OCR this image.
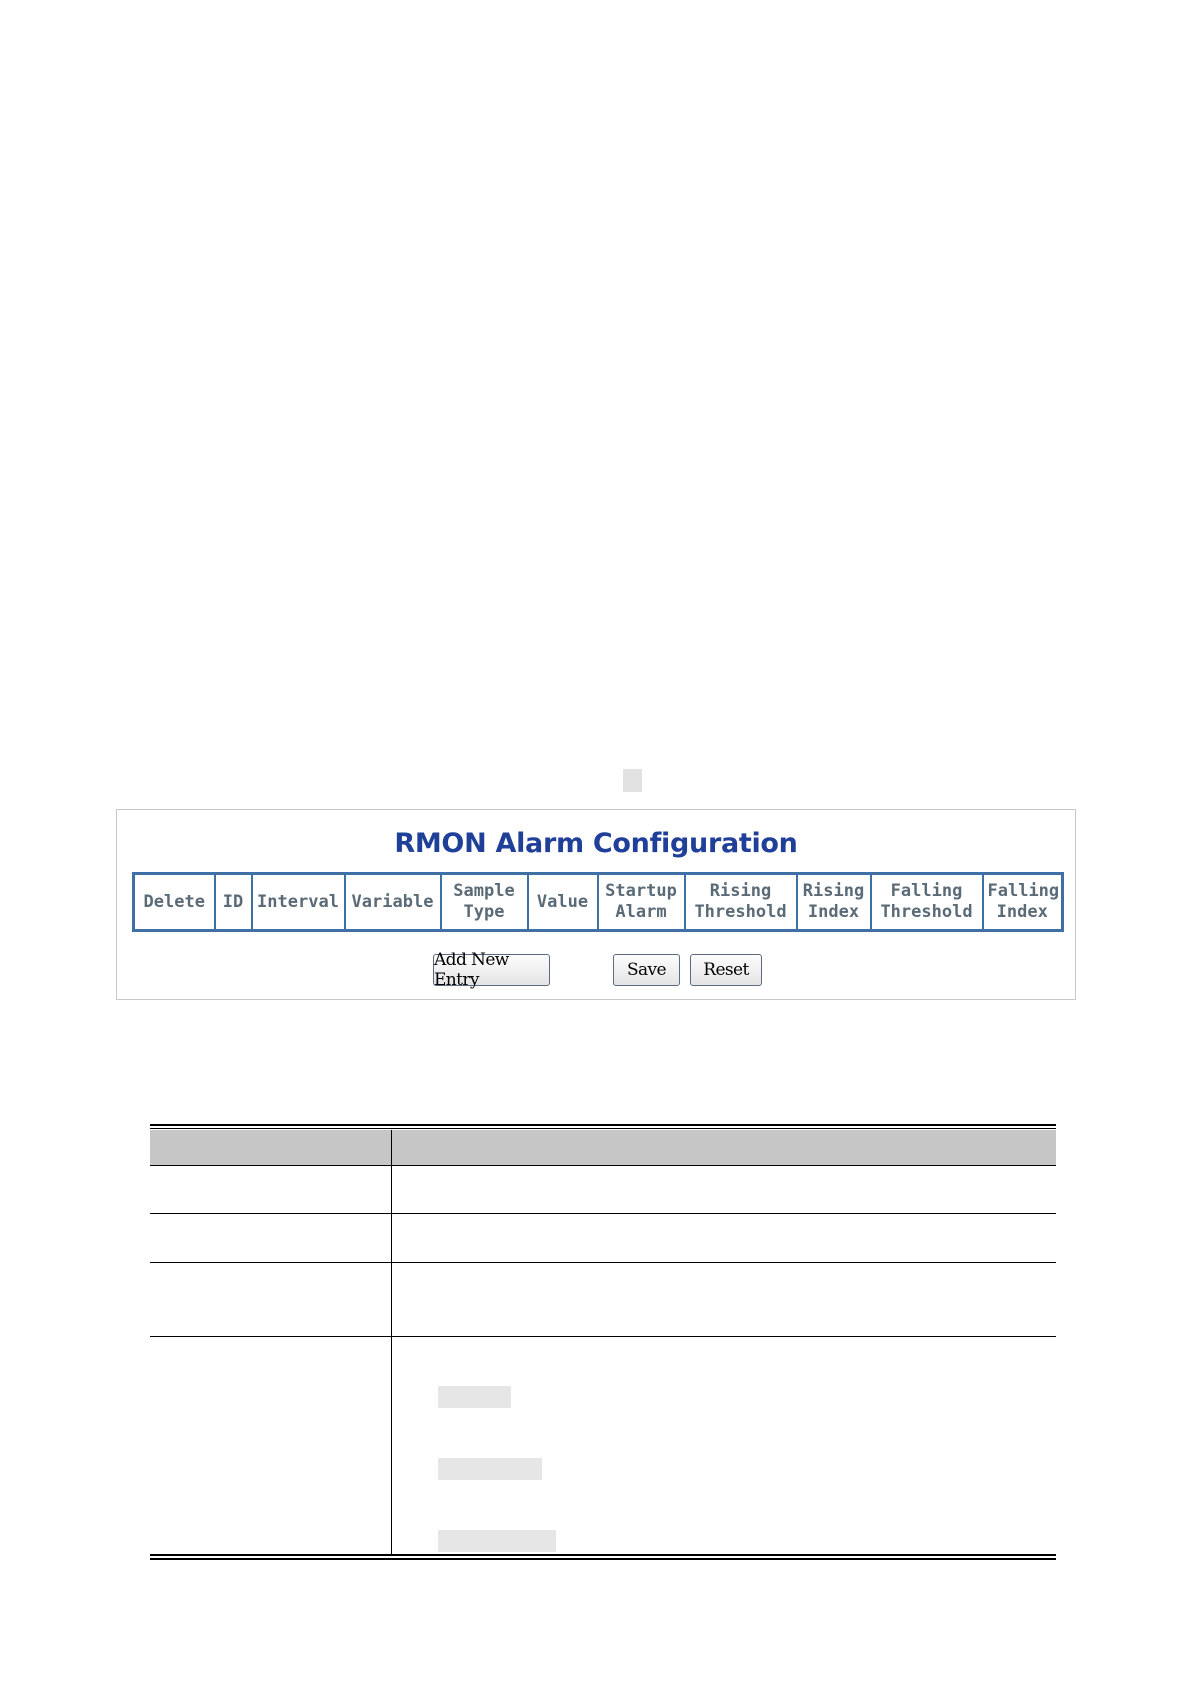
RMON Alarm Configuration
Delete	ID	Interval	Variable	Sample Type	Value	Startup Alarm	Rising Threshold	Rising Index	Falling Threshold	Falling Index
Add New Entry	Save	Reset
